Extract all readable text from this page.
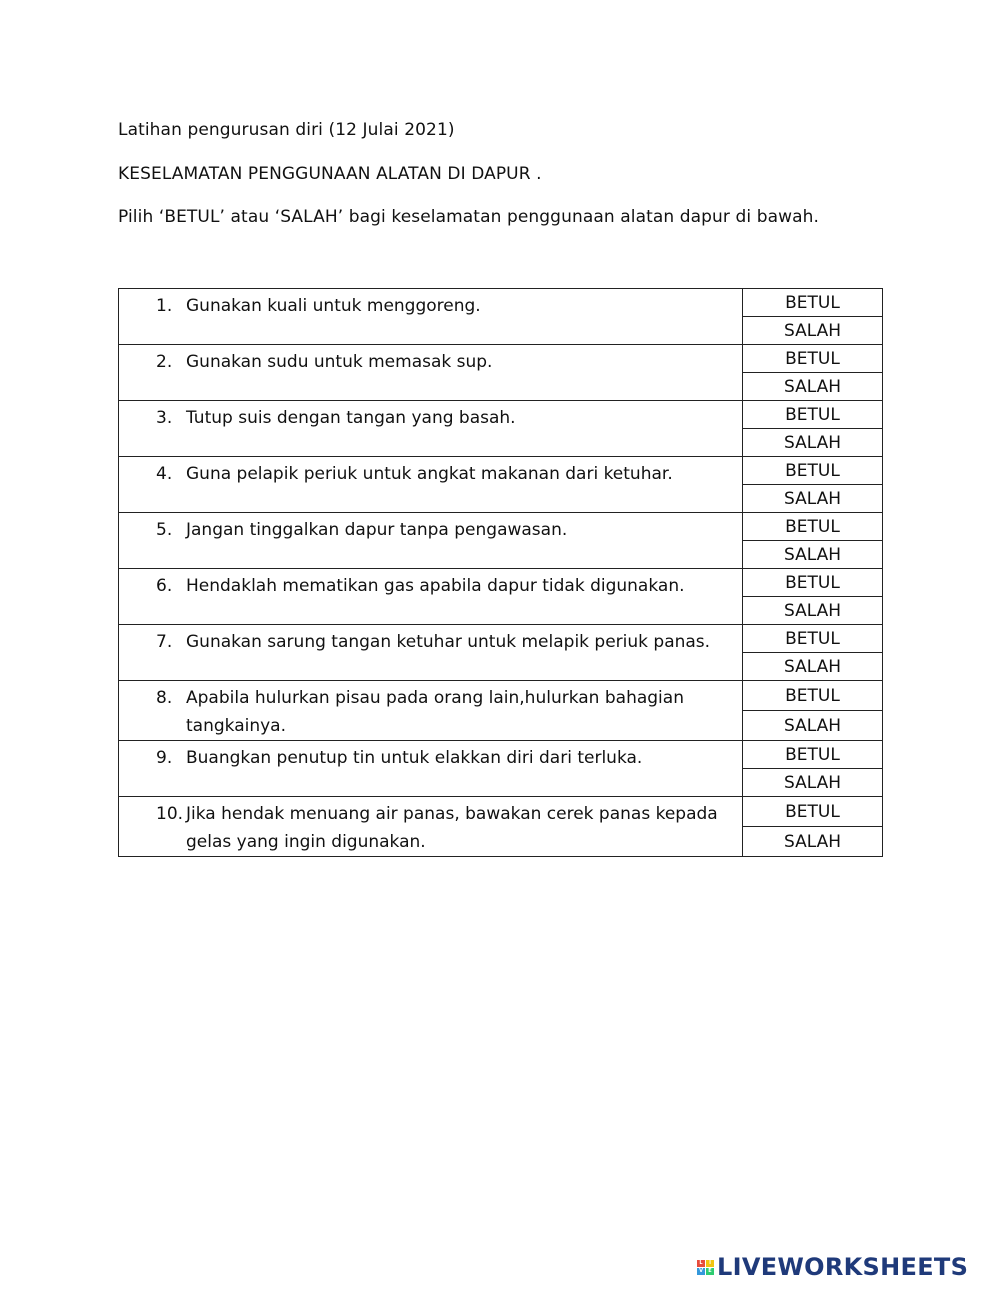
Latihan pengurusan diri (12 Julai 2021)
KESELAMATAN PENGGUNAAN ALATAN DI DAPUR .
Pilih ‘BETUL’ atau ‘SALAH’ bagi keselamatan penggunaan alatan dapur di bawah.
1. Gunakan kuali untuk menggoreng.	BETUL
	SALAH

2. Gunakan sudu untuk memasak sup.	BETUL
	SALAH

3. Tutup suis dengan tangan yang basah.	BETUL
	SALAH

4. Guna pelapik periuk untuk angkat makanan dari ketuhar.	BETUL
	SALAH

5. Jangan tinggalkan dapur tanpa pengawasan.	BETUL
	SALAH

6. Hendaklah mematikan gas apabila dapur tidak digunakan.	BETUL
	SALAH

7. Gunakan sarung tangan ketuhar untuk melapik periuk panas.	BETUL
	SALAH

8. Apabila hulurkan pisau pada orang lain,hulurkan bahagian tangkainya.	BETUL
	SALAH

9. Buangkan penutup tin untuk elakkan diri dari terluka.	BETUL
	SALAH

10. Jika hendak menuang air panas, bawakan cerek panas kepada gelas yang ingin digunakan.	BETUL
	SALAH
L	I
V	E LIVEWORKSHEETS
